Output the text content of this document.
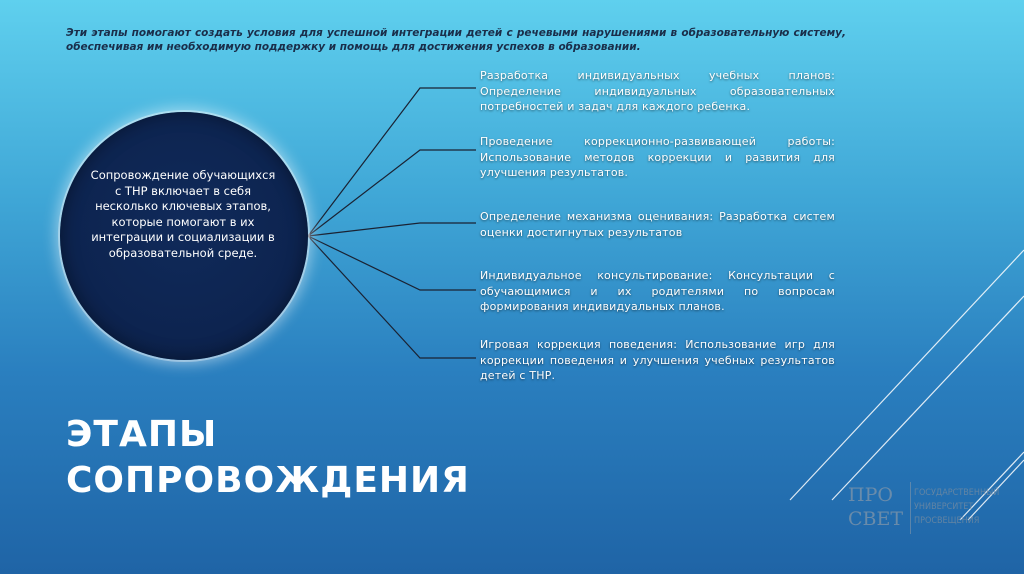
Эти этапы помогают создать условия для успешной интеграции детей с речевыми нарушениями в образовательную систему, обеспечивая им необходимую поддержку и помощь для достижения успехов в образовании.
Сопровождение обучающихся с ТНР включает в себя несколько ключевых этапов, которые помогают в их интеграции и социализации в образовательной среде.
Разработка индивидуальных учебных планов: Определение индивидуальных образовательных потребностей и задач для каждого ребенка.
Проведение коррекционно-развивающей работы: Использование методов коррекции и развития для улучшения результатов.
Определение механизма оценивания: Разработка систем оценки достигнутых результатов
Индивидуальное консультирование: Консультации с обучающимися и их родителями по вопросам формирования индивидуальных планов.
Игровая коррекция поведения: Использование игр для коррекции поведения и улучшения учебных результатов детей с ТНР.
ЭТАПЫ
СОПРОВОЖДЕНИЯ	ПРО
СВЕТ
ГОСУДАРСТВЕННЫЙ
УНИВЕРСИТЕТ
ПРОСВЕЩЕНИЯ
